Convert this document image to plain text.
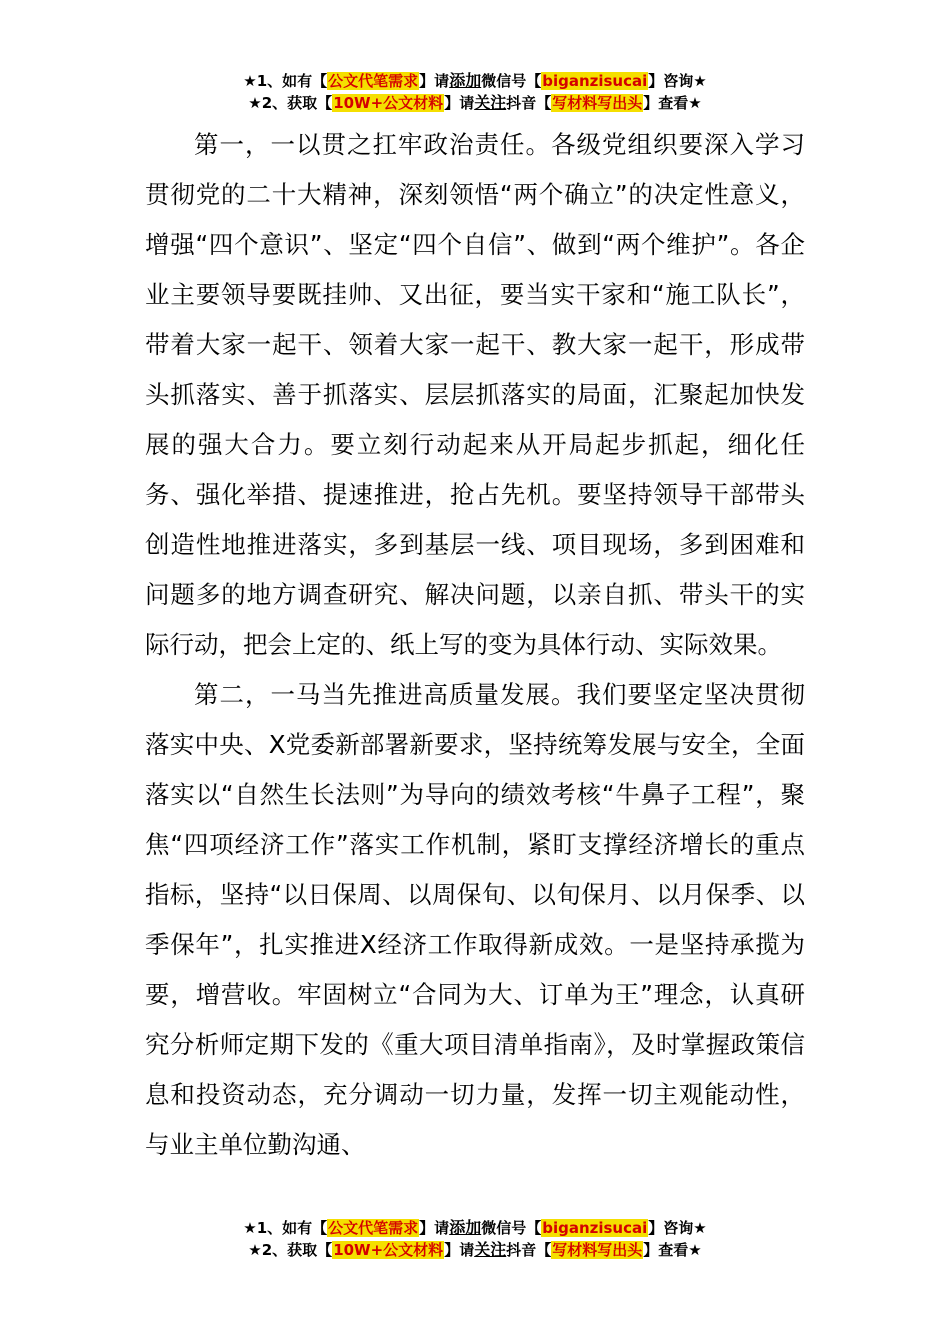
★1、如有【公文代笔需求】请添加微信号【biganzisucai】咨询★
★2、获取【10W+公文材料】请关注抖音【写材料写出头】查看★

第一，一以贯之扛牢政治责任。各级党组织要深入学习贯彻党的二十大精神，深刻领悟“两个确立”的决定性意义，增强“四个意识”、坚定“四个自信”、做到“两个维护”。各企业主要领导要既挂帅、又出征，要当实干家和“施工队长”，带着大家一起干、领着大家一起干、教大家一起干，形成带头抓落实、善于抓落实、层层抓落实的局面，汇聚起加快发展的强大合力。要立刻行动起来从开局起步抓起，细化任务、强化举措、提速推进，抢占先机。要坚持领导干部带头创造性地推进落实，多到基层一线、项目现场，多到困难和问题多的地方调查研究、解决问题，以亲自抓、带头干的实际行动，把会上定的、纸上写的变为具体行动、实际效果。

第二，一马当先推进高质量发展。我们要坚定坚决贯彻落实中央、X党委新部署新要求，坚持统筹发展与安全，全面落实以“自然生长法则”为导向的绩效考核“牛鼻子工程”，聚焦“四项经济工作”落实工作机制，紧盯支撑经济增长的重点指标，坚持“以日保周、以周保旬、以旬保月、以月保季、以季保年”，扎实推进X经济工作取得新成效。一是坚持承揽为要，增营收。牢固树立“合同为大、订单为王”理念，认真研究分析师定期下发的《重大项目清单指南》，及时掌握政策信息和投资动态，充分调动一切力量，发挥一切主观能动性，与业主单位勤沟通、

★1、如有【公文代笔需求】请添加微信号【biganzisucai】咨询★
★2、获取【10W+公文材料】请关注抖音【写材料写出头】查看★
